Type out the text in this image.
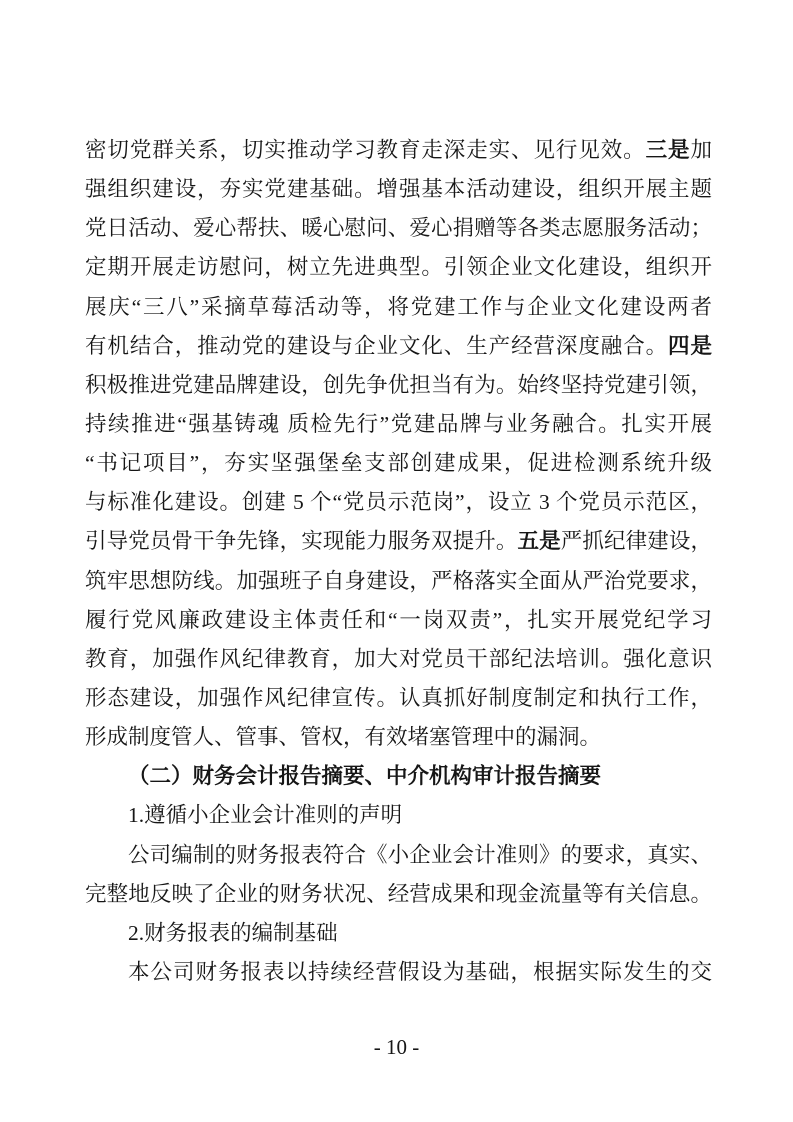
密切党群关系，切实推动学习教育走深走实、见行见效。三是加
强组织建设，夯实党建基础。增强基本活动建设，组织开展主题
党日活动、爱心帮扶、暖心慰问、爱心捐赠等各类志愿服务活动；
定期开展走访慰问，树立先进典型。引领企业文化建设，组织开
展庆“三八”采摘草莓活动等，将党建工作与企业文化建设两者
有机结合，推动党的建设与企业文化、生产经营深度融合。四是
积极推进党建品牌建设，创先争优担当有为。始终坚持党建引领，
持续推进“强基铸魂 质检先行”党建品牌与业务融合。扎实开展
“书记项目”，夯实坚强堡垒支部创建成果，促进检测系统升级
与标准化建设。创建 5 个“党员示范岗”，设立 3 个党员示范区，
引导党员骨干争先锋，实现能力服务双提升。五是严抓纪律建设，
筑牢思想防线。加强班子自身建设，严格落实全面从严治党要求，
履行党风廉政建设主体责任和“一岗双责”，扎实开展党纪学习
教育，加强作风纪律教育，加大对党员干部纪法培训。强化意识
形态建设，加强作风纪律宣传。认真抓好制度制定和执行工作，
形成制度管人、管事、管权，有效堵塞管理中的漏洞。
（二）财务会计报告摘要、中介机构审计报告摘要
1.遵循小企业会计准则的声明
公司编制的财务报表符合《小企业会计准则》的要求，真实、
完整地反映了企业的财务状况、经营成果和现金流量等有关信息。
2.财务报表的编制基础
本公司财务报表以持续经营假设为基础，根据实际发生的交
- 10 -
